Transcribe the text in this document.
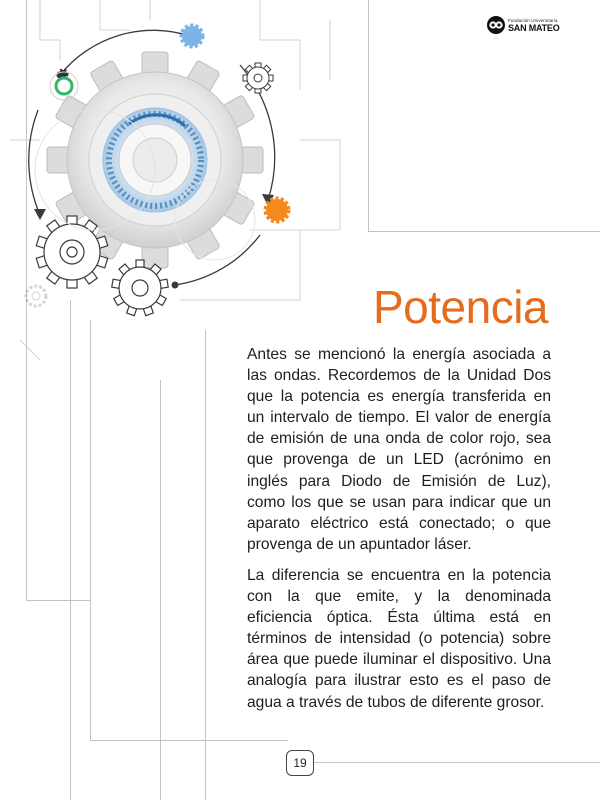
Fundación Universitaria
SAN MATEO
Potencia

Antes se mencionó la energía asociada a las ondas. Recordemos de la Unidad Dos que la potencia es energía transferida en un intervalo de tiempo. El valor de energía de emisión de una onda de color rojo, sea que provenga de un LED (acrónimo en inglés para Diodo de Emisión de Luz), como los que se usan para indicar que un aparato eléctrico está conectado; o que provenga de un apuntador láser.

La diferencia se encuentra en la potencia con la que emite, y la denominada eficiencia óptica. Ésta última está en términos de intensidad (o potencia) sobre área que puede iluminar el dispositivo. Una analogía para ilustrar esto es el paso de agua a través de tubos de diferente grosor.

19
